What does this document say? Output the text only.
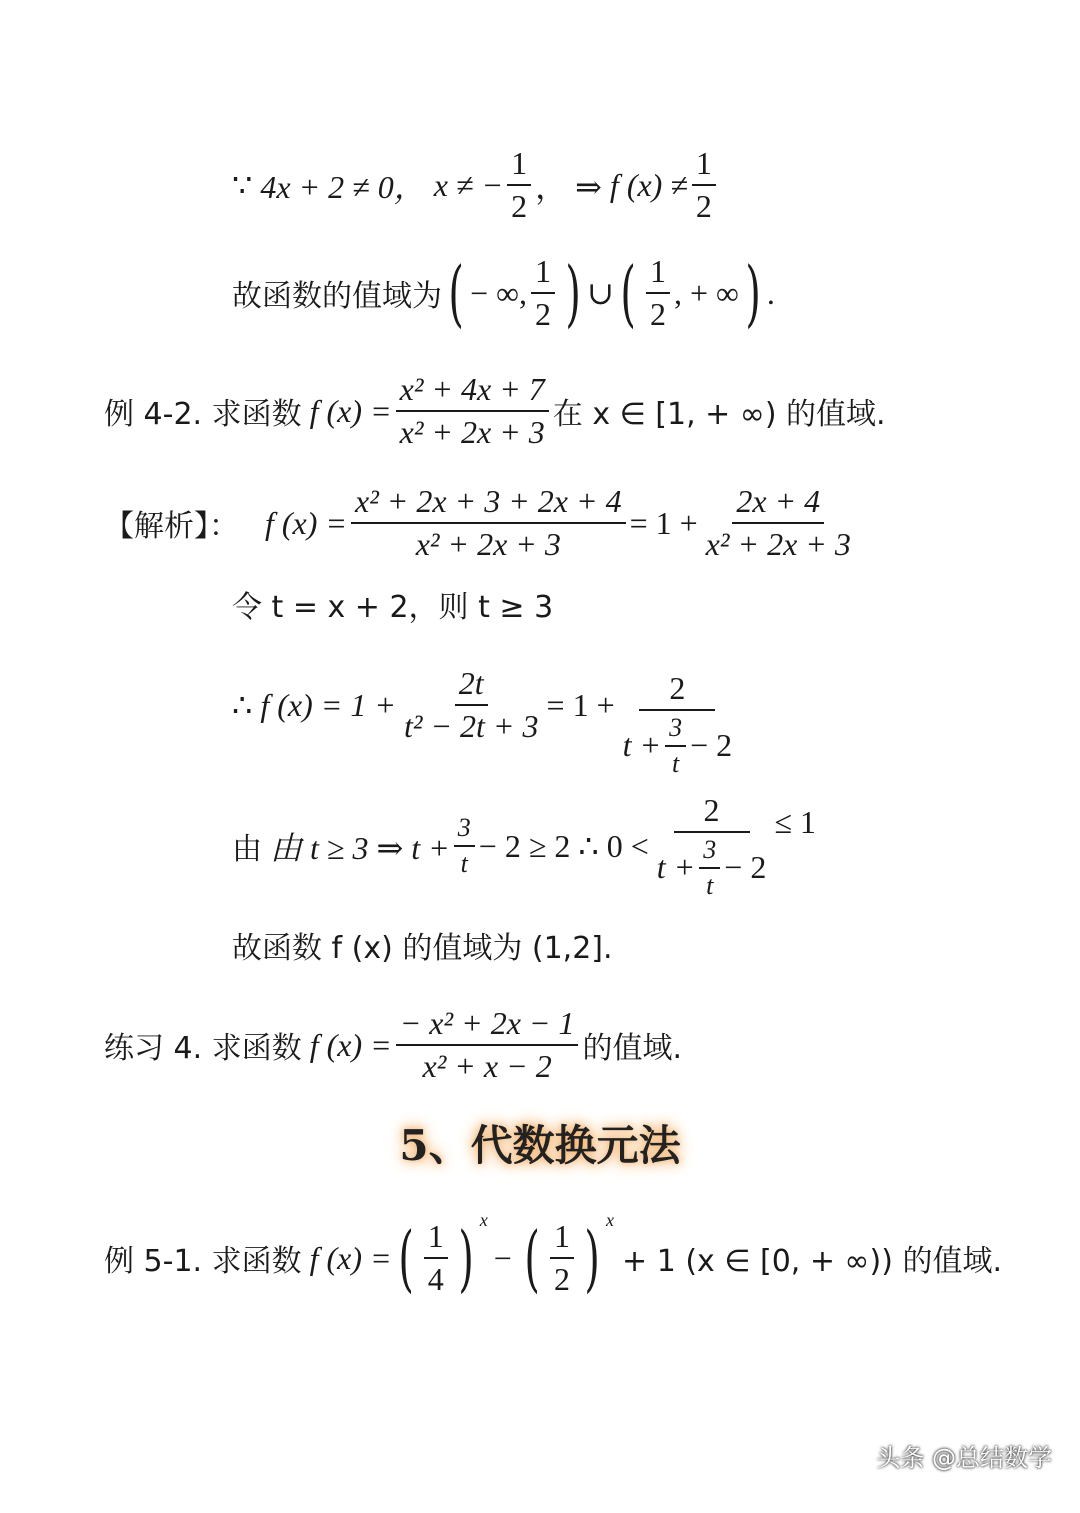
∵ 4x + 2 ≠ 0， x ≠ − $\frac{1}{2}$ ， ⇒ f $(x) \ne \frac{1}{2}$
故函数的值域为 ( − ∞, $\frac{1}{2}$ ) ∪ ( $\frac{1}{2}$ , + ∞ ) .
例 4-2. 求函数 f $(x) = \frac{\text{x² + 4x + 7}}{\text{x² + 2x + 3}}$ 在 x ∈ [1, + ∞) 的值域.
【解析】： f $(x) = \frac{\text{x² + 2x + 3 + 2x + 4}}{\text{x² + 2x + 3}} = 1 + \frac{2x + 4}{\text{x² + 2x + 3}}$
令 t = x + 2，则 t ≥ 3
∴ f $(x) = 1 + \frac{2t}{\text{t² − 2t + 3}} = 1 + \frac{2}{t + \frac{3}{t} - 2}$
由 由 t ≥ 3 ⇒ $t + \frac{3}{t} - 2 \ge 2$ ∴ $0 < \frac{2}{t + \frac{3}{t} - 2} \le 1$
故函数 f (x) 的值域为 (1,2].
练习 4. 求函数 f $(x) = \frac{\text{− x² + 2x − 1}}{\text{x² + x − 2}}$ 的值域.
5、代数换元法
例 5-1. 求函数 f (x) = ( $\frac{1}{4}$ ) x
− ( $\frac{1}{2}$ ) x
+ 1 (x ∈ [0, + ∞)) 的值域.
头条 @总结数学
